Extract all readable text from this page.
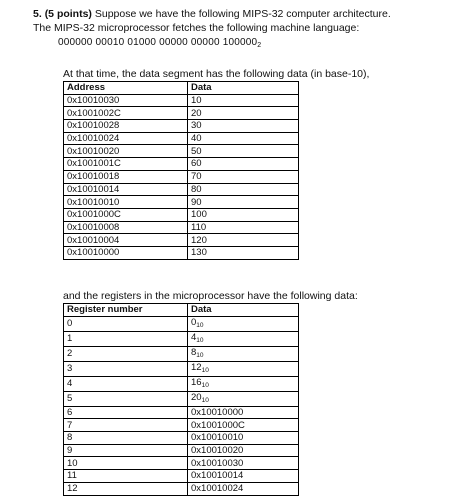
5. (5 points) Suppose we have the following MIPS-32 computer architecture.
The MIPS-32 microprocessor fetches the following machine language:
000000 00010 01000 00000 00000 $100000_2$
At that time, the data segment has the following data (in base-10),
Address	Data
0x10010030	10
0x1001002C	20
0x10010028	30
0x10010024	40
0x10010020	50
0x1001001C	60
0x10010018	70
0x10010014	80
0x10010010	90
0x1001000C	100
0x10010008	110
0x10010004	120
0x10010000	130
and the registers in the microprocessor have the following data:
Register number	Data
0	$0_{10}$
1	$4_{10}$
2	$8_{10}$
3	$12_{10}$
4	$16_{10}$
5	$20_{10}$
6	0x10010000
7	0x1001000C
8	0x10010010
9	0x10010020
10	0x10010030
11	0x10010014
12	0x10010024
